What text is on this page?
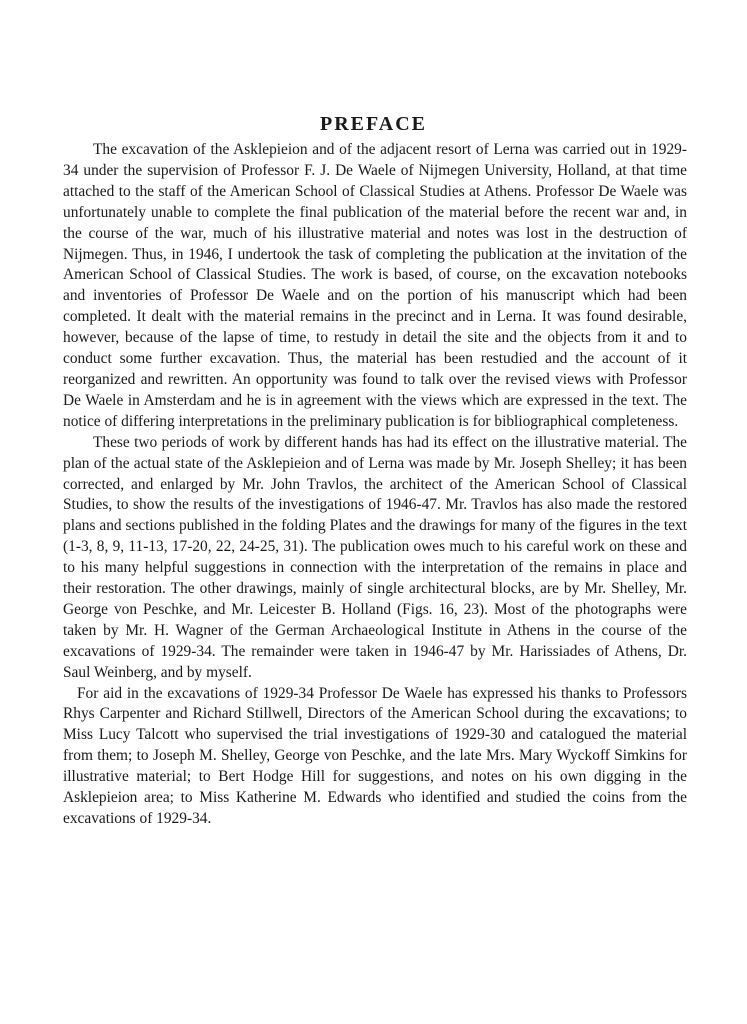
PREFACE

The excavation of the Asklepieion and of the adjacent resort of Lerna was carried out in 1929-34 under the supervision of Professor F. J. De Waele of Nijmegen University, Holland, at that time attached to the staff of the American School of Classical Studies at Athens. Professor De Waele was unfortunately unable to complete the final publication of the material before the recent war and, in the course of the war, much of his illustrative material and notes was lost in the destruction of Nijmegen. Thus, in 1946, I undertook the task of completing the publication at the invitation of the American School of Classical Studies. The work is based, of course, on the excavation notebooks and inventories of Professor De Waele and on the portion of his manuscript which had been completed. It dealt with the material remains in the precinct and in Lerna. It was found desirable, however, because of the lapse of time, to restudy in detail the site and the objects from it and to conduct some further excavation. Thus, the material has been restudied and the account of it reorganized and rewritten. An opportunity was found to talk over the revised views with Professor De Waele in Amsterdam and he is in agreement with the views which are expressed in the text. The notice of differing interpretations in the preliminary publication is for bibliographical completeness.

These two periods of work by different hands has had its effect on the illustrative material. The plan of the actual state of the Asklepieion and of Lerna was made by Mr. Joseph Shelley; it has been corrected, and enlarged by Mr. John Travlos, the architect of the American School of Classical Studies, to show the results of the investigations of 1946-47. Mr. Travlos has also made the restored plans and sections published in the folding Plates and the drawings for many of the figures in the text (1-3, 8, 9, 11-13, 17-20, 22, 24-25, 31). The publication owes much to his careful work on these and to his many helpful suggestions in connection with the interpretation of the remains in place and their restoration. The other drawings, mainly of single architectural blocks, are by Mr. Shelley, Mr. George von Peschke, and Mr. Leicester B. Holland (Figs. 16, 23). Most of the photographs were taken by Mr. H. Wagner of the German Archaeological Institute in Athens in the course of the excavations of 1929-34. The remainder were taken in 1946-47 by Mr. Harissiades of Athens, Dr. Saul Weinberg, and by myself.

For aid in the excavations of 1929-34 Professor De Waele has expressed his thanks to Professors Rhys Carpenter and Richard Stillwell, Directors of the American School during the excavations; to Miss Lucy Talcott who supervised the trial investigations of 1929-30 and catalogued the material from them; to Joseph M. Shelley, George von Peschke, and the late Mrs. Mary Wyckoff Simkins for illustrative material; to Bert Hodge Hill for suggestions, and notes on his own digging in the Asklepieion area; to Miss Katherine M. Edwards who identified and studied the coins from the excavations of 1929-34.
